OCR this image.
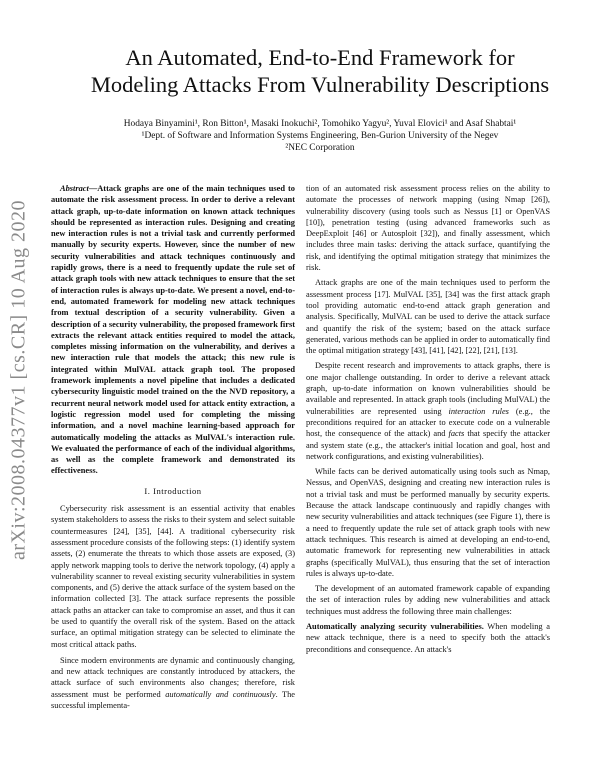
arXiv:2008.04377v1 [cs.CR] 10 Aug 2020
An Automated, End-to-End Framework for
Modeling Attacks From Vulnerability Descriptions
Hodaya Binyamini¹, Ron Bitton¹, Masaki Inokuchi², Tomohiko Yagyu², Yuval Elovici¹ and Asaf Shabtai¹
¹Dept. of Software and Information Systems Engineering, Ben-Gurion University of the Negev
²NEC Corporation

Abstract—Attack graphs are one of the main techniques used to automate the risk assessment process. In order to derive a relevant attack graph, up-to-date information on known attack techniques should be represented as interaction rules. Designing and creating new interaction rules is not a trivial task and currently performed manually by security experts. However, since the number of new security vulnerabilities and attack techniques continuously and rapidly grows, there is a need to frequently update the rule set of attack graph tools with new attack techniques to ensure that the set of interaction rules is always up-to-date. We present a novel, end-to-end, automated framework for modeling new attack techniques from textual description of a security vulnerability. Given a description of a security vulnerability, the proposed framework first extracts the relevant attack entities required to model the attack, completes missing information on the vulnerability, and derives a new interaction rule that models the attack; this new rule is integrated within MulVAL attack graph tool. The proposed framework implements a novel pipeline that includes a dedicated cybersecurity linguistic model trained on the the NVD repository, a recurrent neural network model used for attack entity extraction, a logistic regression model used for completing the missing information, and a novel machine learning-based approach for automatically modeling the attacks as MulVAL's interaction rule. We evaluated the performance of each of the individual algorithms, as well as the complete framework and demonstrated its effectiveness.

I. Introduction

Cybersecurity risk assessment is an essential activity that enables system stakeholders to assess the risks to their system and select suitable countermeasures [24], [35], [44]. A traditional cybersecurity risk assessment procedure consists of the following steps: (1) identify system assets, (2) enumerate the threats to which those assets are exposed, (3) apply network mapping tools to derive the network topology, (4) apply a vulnerability scanner to reveal existing security vulnerabilities in system components, and (5) derive the attack surface of the system based on the information collected [3]. The attack surface represents the possible attack paths an attacker can take to compromise an asset, and thus it can be used to quantify the overall risk of the system. Based on the attack surface, an optimal mitigation strategy can be selected to eliminate the most critical attack paths.

Since modern environments are dynamic and continuously changing, and new attack techniques are constantly introduced by attackers, the attack surface of such environments also changes; therefore, risk assessment must be performed automatically and continuously. The successful implementa-

tion of an automated risk assessment process relies on the ability to automate the processes of network mapping (using Nmap [26]), vulnerability discovery (using tools such as Nessus [1] or OpenVAS [10]), penetration testing (using advanced frameworks such as DeepExploit [46] or Autosploit [32]), and finally assessment, which includes three main tasks: deriving the attack surface, quantifying the risk, and identifying the optimal mitigation strategy that minimizes the risk.

Attack graphs are one of the main techniques used to perform the assessment process [17]. MulVAL [35], [34] was the first attack graph tool providing automatic end-to-end attack graph generation and analysis. Specifically, MulVAL can be used to derive the attack surface and quantify the risk of the system; based on the attack surface generated, various methods can be applied in order to automatically find the optimal mitigation strategy [43], [41], [42], [22], [21], [13].

Despite recent research and improvements to attack graphs, there is one major challenge outstanding. In order to derive a relevant attack graph, up-to-date information on known vulnerabilities should be available and represented. In attack graph tools (including MulVAL) the vulnerabilities are represented using interaction rules (e.g., the preconditions required for an attacker to execute code on a vulnerable host, the consequence of the attack) and facts that specify the attacker and system state (e.g., the attacker's initial location and goal, host and network configurations, and existing vulnerabilities).

While facts can be derived automatically using tools such as Nmap, Nessus, and OpenVAS, designing and creating new interaction rules is not a trivial task and must be performed manually by security experts. Because the attack landscape continuously and rapidly changes with new security vulnerabilities and attack techniques (see Figure 1), there is a need to frequently update the rule set of attack graph tools with new attack techniques. This research is aimed at developing an end-to-end, automatic framework for representing new vulnerabilities in attack graphs (specifically MulVAL), thus ensuring that the set of interaction rules is always up-to-date.

The development of an automated framework capable of expanding the set of interaction rules by adding new vulnerabilities and attack techniques must address the following three main challenges:

Automatically analyzing security vulnerabilities. When modeling a new attack technique, there is a need to specify both the attack's preconditions and consequence. An attack's
